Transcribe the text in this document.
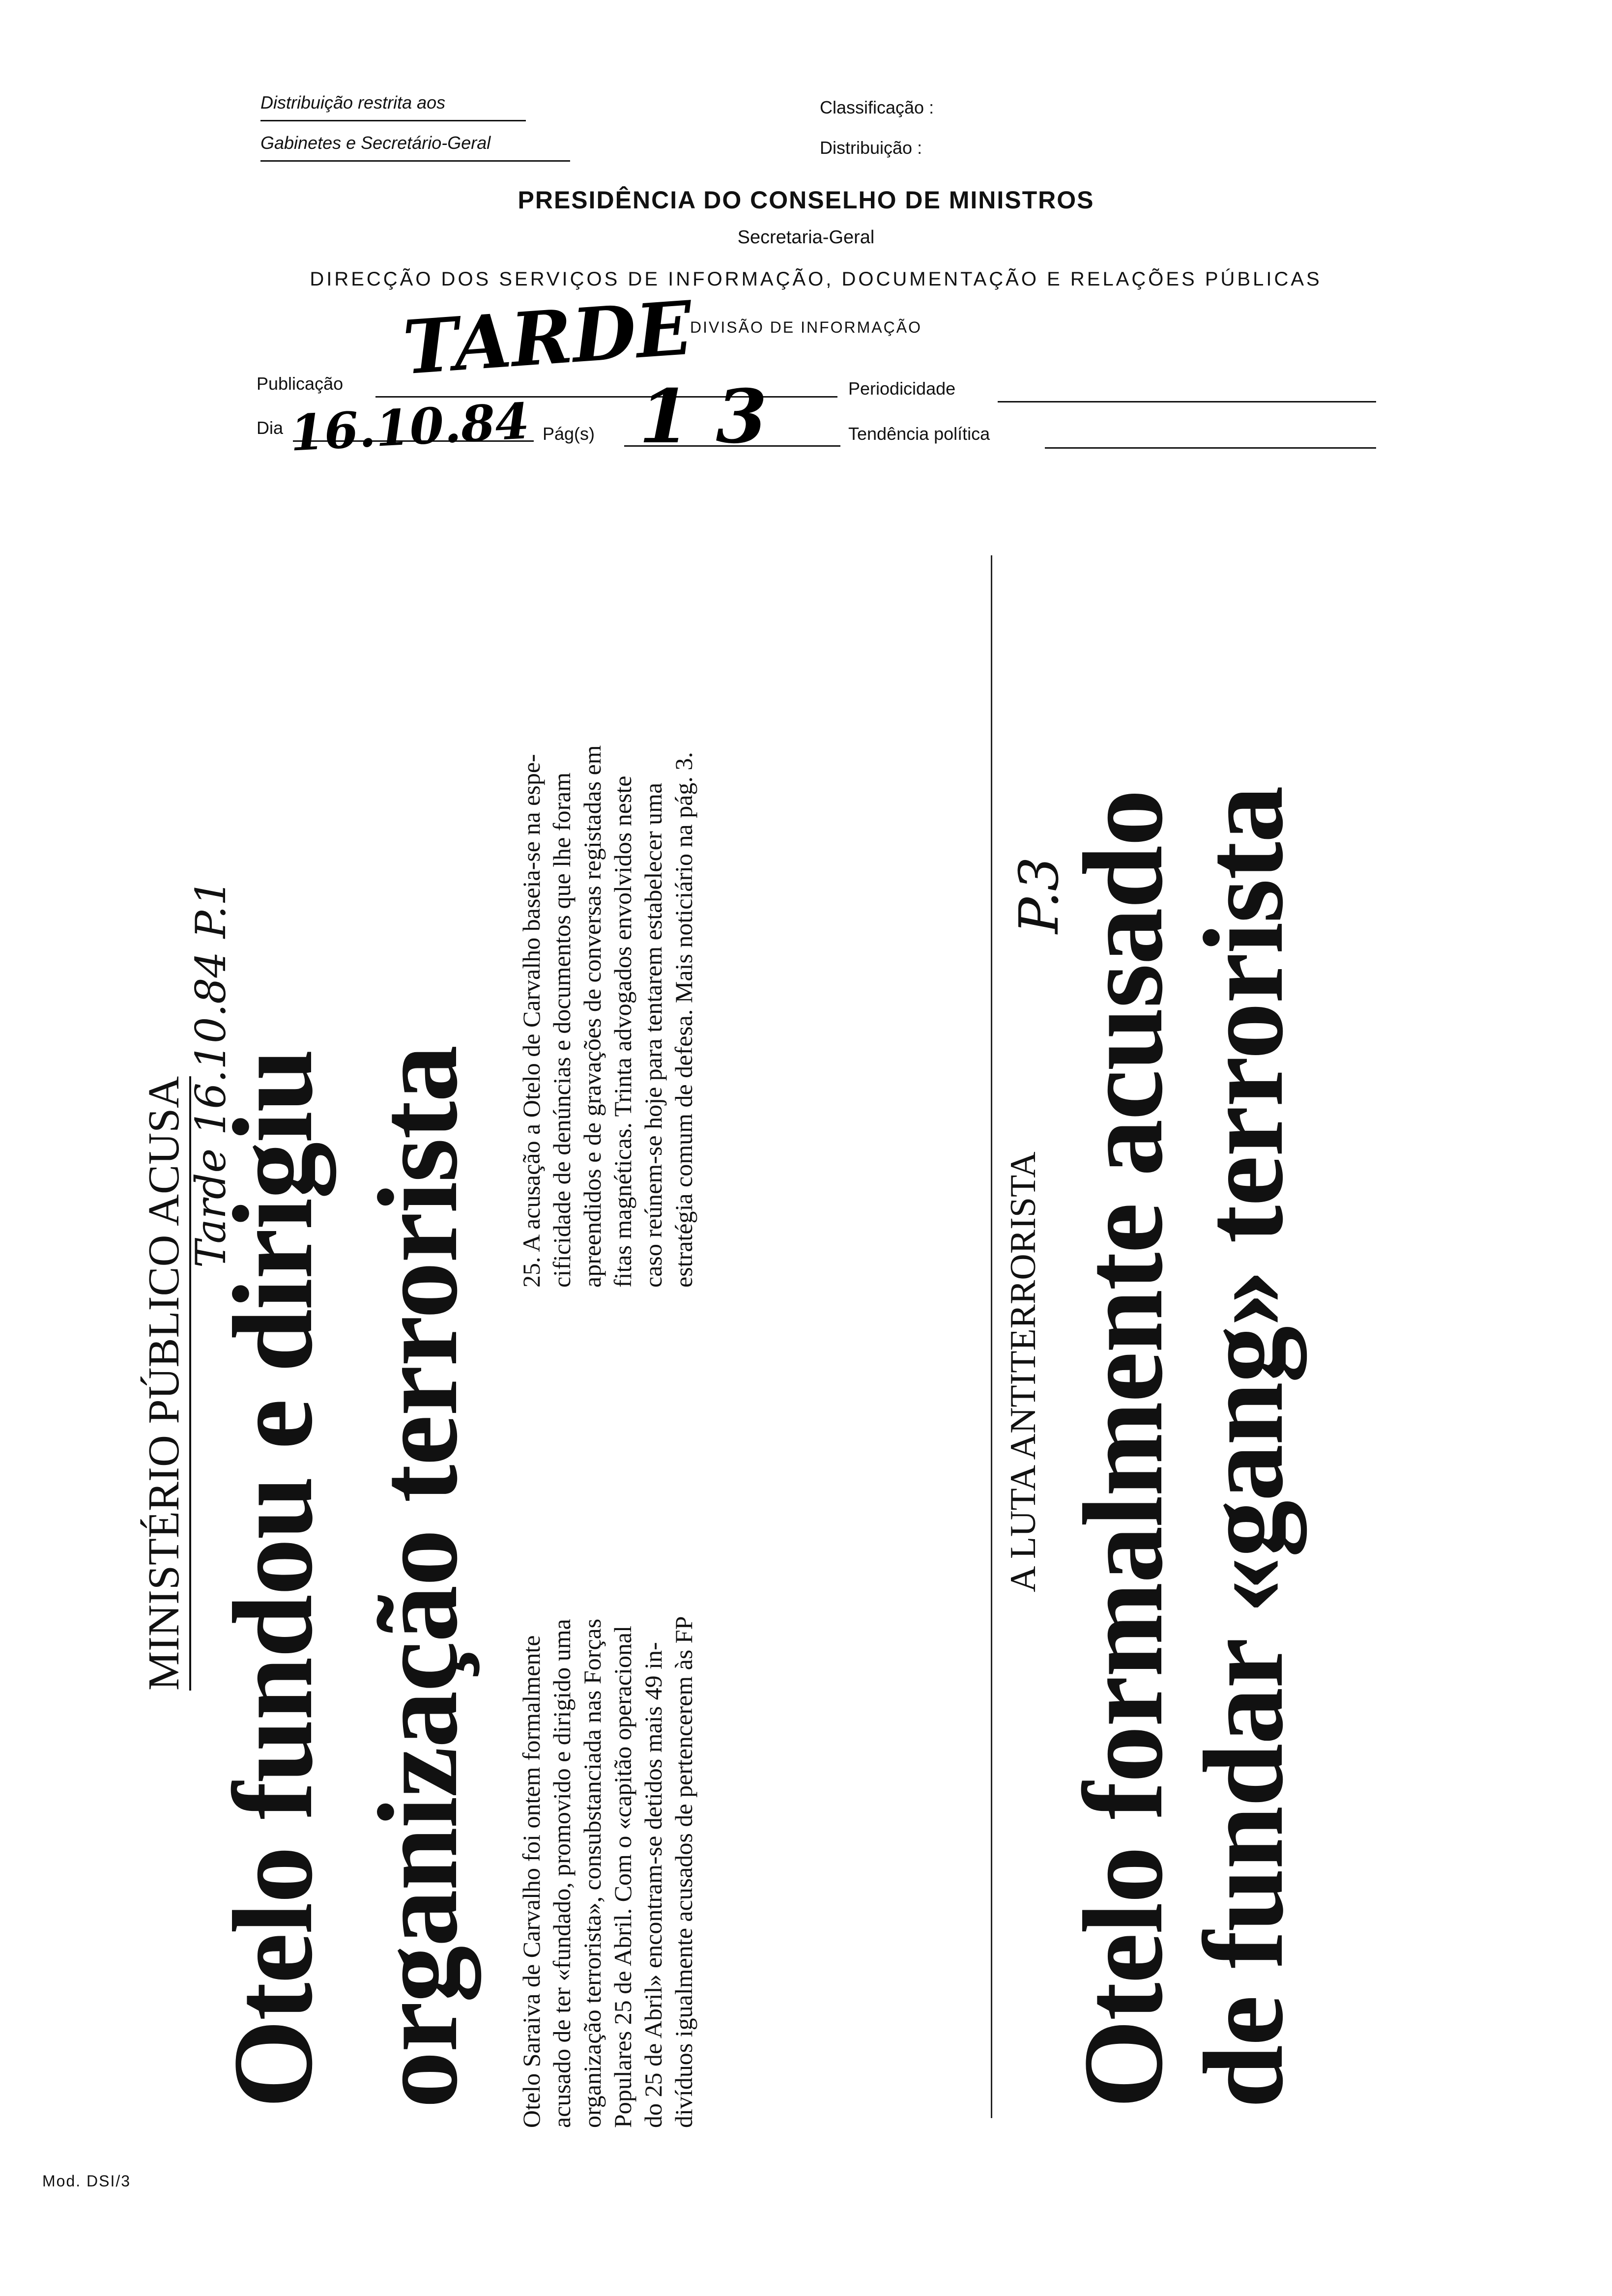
Distribuição restrita aos
Gabinetes e Secretário-Geral
Classificação :
Distribuição :
PRESIDÊNCIA DO CONSELHO DE MINISTROS
Secretaria-Geral
DIRECÇÃO DOS SERVIÇOS DE INFORMAÇÃO, DOCUMENTAÇÃO E RELAÇÕES PÚBLICAS
DIVISÃO DE INFORMAÇÃO
Publicação TARDE	Periodicidade
Dia 16.10.84 Pág(s) 1 3	Tendência política
MINISTÉRIO PÚBLICO ACUSA
Tarde 16.10.84 P.1
Otelo fundou e dirigiu organização terrorista Otelo Saraiva de Carvalho foi ontem formalmente acusado de ter «fundado, promovido e dirigido uma organização terrorista», consubstanciada nas Forças Populares 25 de Abril. Com o «capitão operacional do 25 de Abril» encontram-se detidos mais 49 in- divíduos igualmente acusados de pertencerem às FP
25. A acusação a Otelo de Carvalho baseia-se na espe- cificidade de denúncias e documentos que lhe foram apreendidos e de gravações de conversas registadas em fitas magnéticas. Trinta advogados envolvidos neste caso reúnem-se hoje para tentarem estabelecer uma estratégia comum de defesa. Mais noticiário na pág. 3.
A LUTA ANTITERRORISTA
P.3
Otelo formalmente acusado
de fundar «gang» terrorista
Mod. DSI/3
